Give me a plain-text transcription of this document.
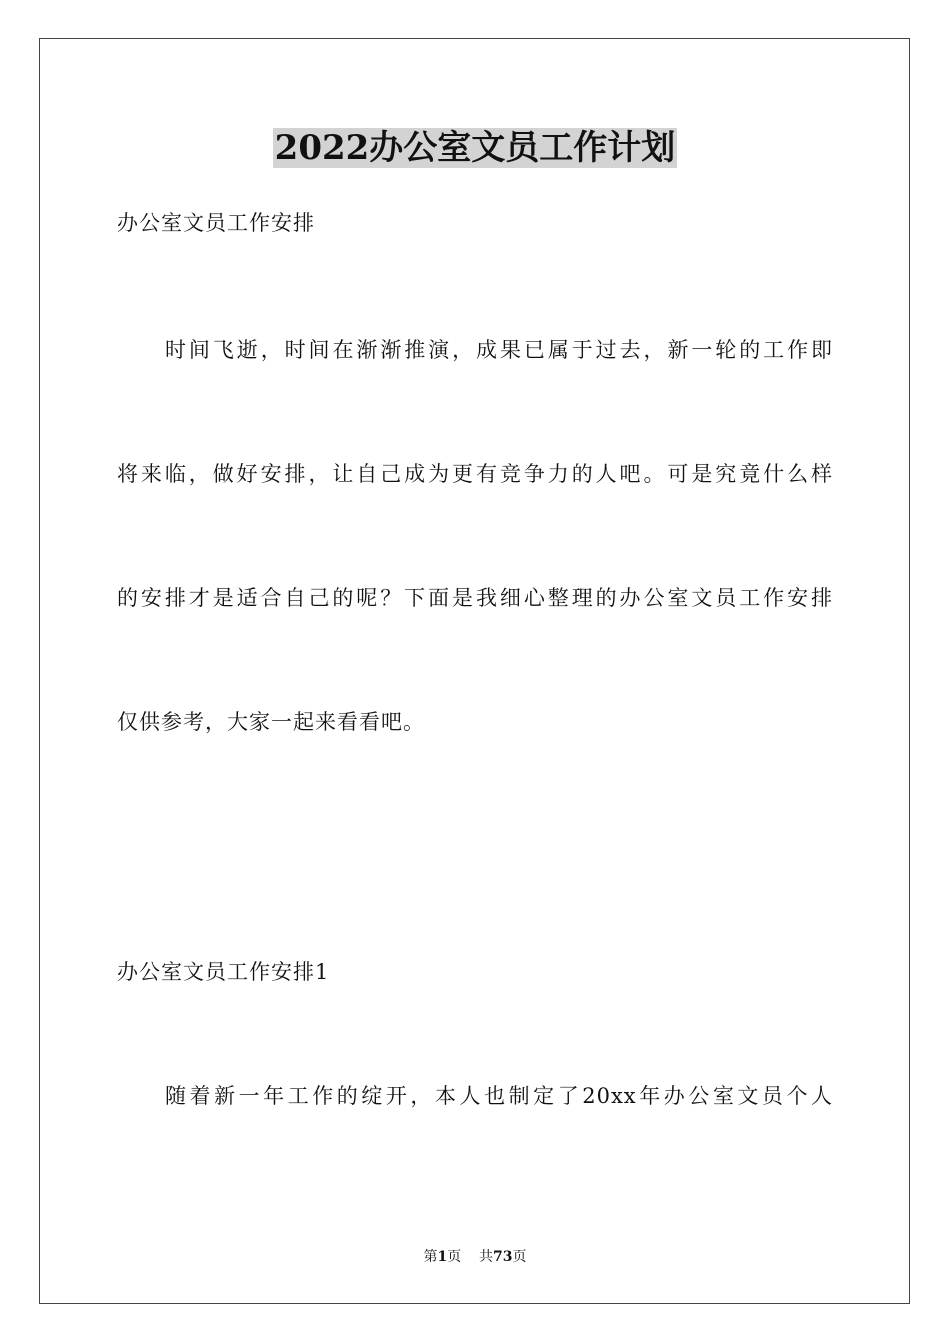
2022办公室文员工作计划
办公室文员工作安排
时间飞逝，时间在渐渐推演，成果已属于过去，新一轮的工作即
将来临，做好安排，让自己成为更有竞争力的人吧。可是究竟什么样
的安排才是适合自己的呢？下面是我细心整理的办公室文员工作安排
仅供参考，大家一起来看看吧。
办公室文员工作安排1
随着新一年工作的绽开，本人也制定了20xx年办公室文员个人
第1页 共73页
